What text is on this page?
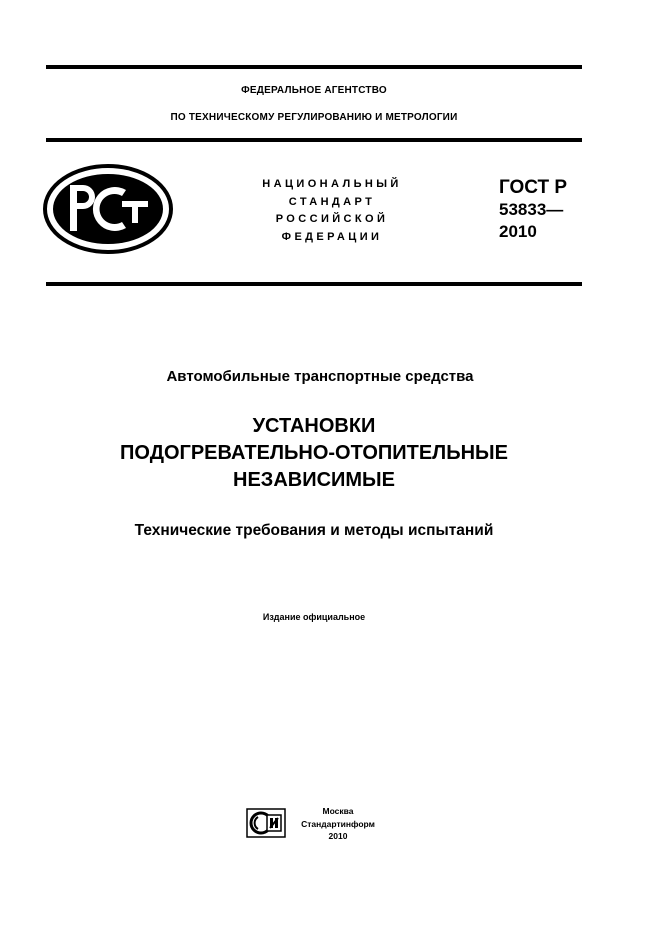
ФЕДЕРАЛЬНОЕ АГЕНТСТВО
ПО ТЕХНИЧЕСКОМУ РЕГУЛИРОВАНИЮ И МЕТРОЛОГИИ
НАЦИОНАЛЬНЫЙ
СТАНДАРТ
РОССИЙСКОЙ
ФЕДЕРАЦИИ
ГОСТ Р
53833—
2010
Автомобильные транспортные средства
УСТАНОВКИ
ПОДОГРЕВАТЕЛЬНО-ОТОПИТЕЛЬНЫЕ
НЕЗАВИСИМЫЕ
Технические требования и методы испытаний
Издание официальное
Москва
Стандартинформ
2010
